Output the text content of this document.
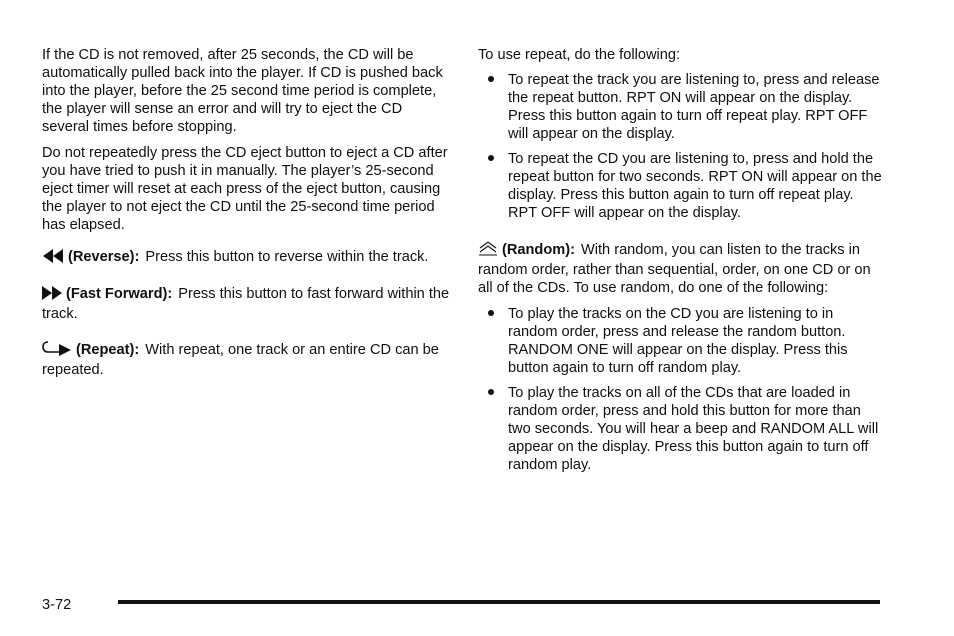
If the CD is not removed, after 25 seconds, the CD will be automatically pulled back into the player. If CD is pushed back into the player, before the 25 second time period is complete, the player will sense an error and will try to eject the CD several times before stopping.

Do not repeatedly press the CD eject button to eject a CD after you have tried to push it in manually. The player’s 25-second eject timer will reset at each press of the eject button, causing the player to not eject the CD until the 25-second time period has elapsed.

(Reverse): Press this button to reverse within the track.

(Fast Forward): Press this button to fast forward within the track.

(Repeat): With repeat, one track or an entire CD can be repeated.

To use repeat, do the following:

To repeat the track you are listening to, press and release the repeat button. RPT ON will appear on the display. Press this button again to turn off repeat play. RPT OFF will appear on the display.
To repeat the CD you are listening to, press and hold the repeat button for two seconds. RPT ON will appear on the display. Press this button again to turn off repeat play. RPT OFF will appear on the display.

(Random): With random, you can listen to the tracks in random order, rather than sequential, order, on one CD or on all of the CDs. To use random, do one of the following:

To play the tracks on the CD you are listening to in random order, press and release the random button. RANDOM ONE will appear on the display. Press this button again to turn off random play.
To play the tracks on all of the CDs that are loaded in random order, press and hold this button for more than two seconds. You will hear a beep and RANDOM ALL will appear on the display. Press this button again to turn off random play.
3-72
